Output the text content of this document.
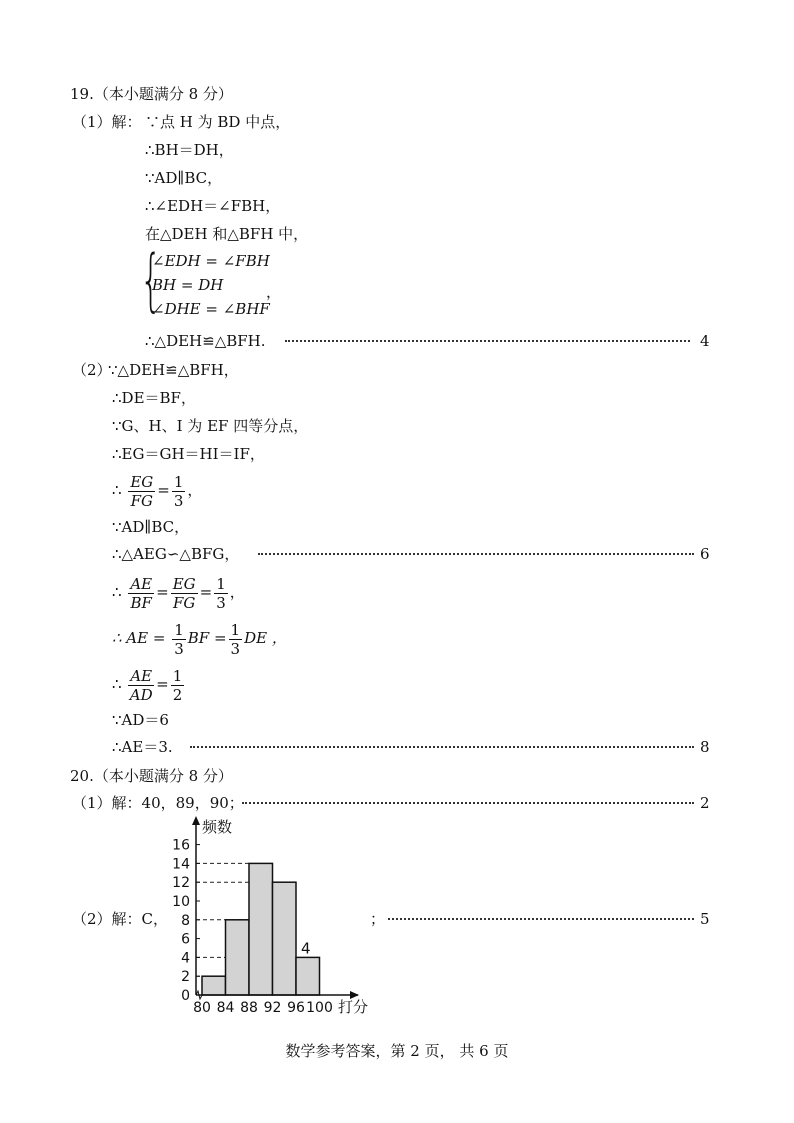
19.（本小题满分 8 分）
（1）解： ∵点 H 为 BD 中点，
∴BH＝DH，
∵AD∥BC，
∴∠EDH＝∠FBH，
在△DEH 和△BFH 中，
{
∠EDH = ∠FBH
BH = DH	，
∠DHE = ∠BHF
∴△DEH≌△BFH.	4
（2）
∵△DEH≌△BFH，
∴DE＝BF，
∵G、H、I 为 EF 四等分点，
∴EG＝GH＝HI＝IF，
∴ $\frac{EG}{FG} = \frac{1}{3}$ ，
∵AD∥BC，
∴△AEG∽△BFG，	6
∴ $\frac{AE}{BF} = \frac{EG}{FG} = \frac{1}{3}$ ，
∴ AE = $\frac{1}{3}$ BF = $\frac{1}{3}$ DE ，
∴ $\frac{AE}{AD} = \frac{1}{2}$
∵AD＝6
∴AE＝3.	8
20.（本小题满分 8 分）
（1）解：40，89，90；	2
（2）解：C，	；	5
0
2
4
6
8
10
12
14
16
80 84 88 92 96 100
频数
打分
4
数学参考答案，第 2 页， 共 6 页
